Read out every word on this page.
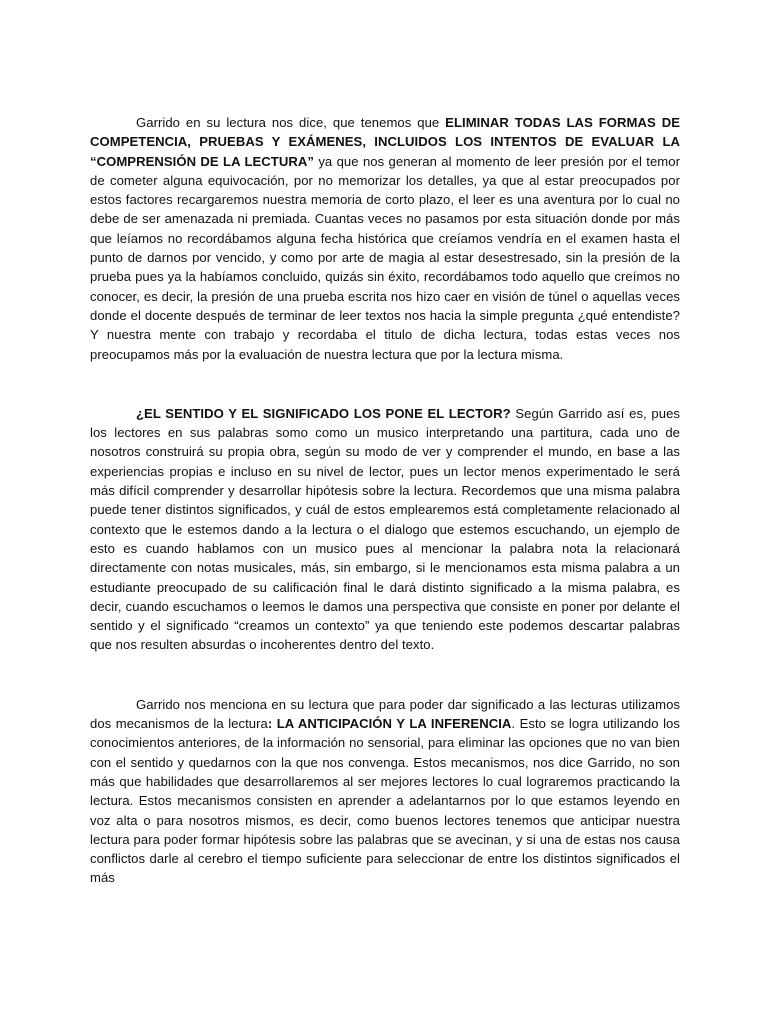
Garrido en su lectura nos dice, que tenemos que ELIMINAR TODAS LAS FORMAS DE COMPETENCIA, PRUEBAS Y EXÁMENES, INCLUIDOS LOS INTENTOS DE EVALUAR LA “COMPRENSIÓN DE LA LECTURA” ya que nos generan al momento de leer presión por el temor de cometer alguna equivocación, por no memorizar los detalles, ya que al estar preocupados por estos factores recargaremos nuestra memoria de corto plazo, el leer es una aventura por lo cual no debe de ser amenazada ni premiada. Cuantas veces no pasamos por esta situación donde por más que leíamos no recordábamos alguna fecha histórica que creíamos vendría en el examen hasta el punto de darnos por vencido, y como por arte de magia al estar desestresado, sin la presión de la prueba pues ya la habíamos concluido, quizás sin éxito, recordábamos todo aquello que creímos no conocer, es decir, la presión de una prueba escrita nos hizo caer en visión de túnel o aquellas veces donde el docente después de terminar de leer textos nos hacia la simple pregunta ¿qué entendiste? Y nuestra mente con trabajo y recordaba el titulo de dicha lectura, todas estas veces nos preocupamos más por la evaluación de nuestra lectura que por la lectura misma.

¿EL SENTIDO Y EL SIGNIFICADO LOS PONE EL LECTOR? Según Garrido así es, pues los lectores en sus palabras somo como un musico interpretando una partitura, cada uno de nosotros construirá su propia obra, según su modo de ver y comprender el mundo, en base a las experiencias propias e incluso en su nivel de lector, pues un lector menos experimentado le será más difícil comprender y desarrollar hipótesis sobre la lectura. Recordemos que una misma palabra puede tener distintos significados, y cuál de estos emplearemos está completamente relacionado al contexto que le estemos dando a la lectura o el dialogo que estemos escuchando, un ejemplo de esto es cuando hablamos con un musico pues al mencionar la palabra nota la relacionará directamente con notas musicales, más, sin embargo, si le mencionamos esta misma palabra a un estudiante preocupado de su calificación final le dará distinto significado a la misma palabra, es decir, cuando escuchamos o leemos le damos una perspectiva que consiste en poner por delante el sentido y el significado “creamos un contexto” ya que teniendo este podemos descartar palabras que nos resulten absurdas o incoherentes dentro del texto.

Garrido nos menciona en su lectura que para poder dar significado a las lecturas utilizamos dos mecanismos de la lectura: LA ANTICIPACIÓN Y LA INFERENCIA. Esto se logra utilizando los conocimientos anteriores, de la información no sensorial, para eliminar las opciones que no van bien con el sentido y quedarnos con la que nos convenga. Estos mecanismos, nos dice Garrido, no son más que habilidades que desarrollaremos al ser mejores lectores lo cual lograremos practicando la lectura. Estos mecanismos consisten en aprender a adelantarnos por lo que estamos leyendo en voz alta o para nosotros mismos, es decir, como buenos lectores tenemos que anticipar nuestra lectura para poder formar hipótesis sobre las palabras que se avecinan, y si una de estas nos causa conflictos darle al cerebro el tiempo suficiente para seleccionar de entre los distintos significados el más
